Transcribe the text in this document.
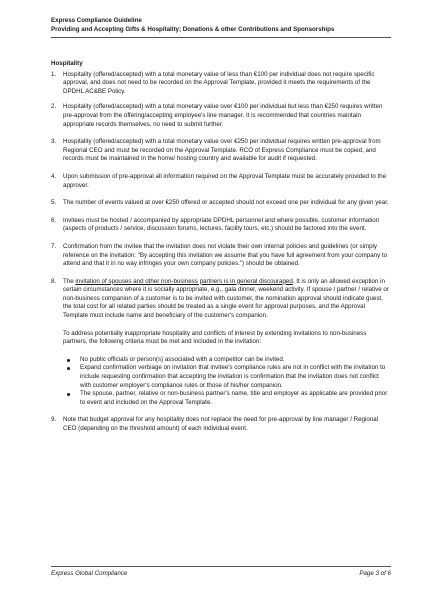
Express Compliance Guideline
Providing and Accepting Gifts & Hospitality; Donations & other Contributions and Sponsorships
Hospitality
1.	Hospitality (offered/accepted) with a total monetary value of less than €100 per individual does not require specific approval, and does not need to be recorded on the Approval Template, provided it meets the requirements of the DPDHL AC&BE Policy.
2.	Hospitality (offered/accepted) with a total monetary value over €100 per individual but less than €250 requires written pre-approval from the offering/accepting employee's line manager. It is recommended that countries maintain appropriate records themselves, no need to submit further.
3.	Hospitality (offered/accepted) with a total monetary value over €250 per individual requires written pre-approval from Regional CEO and must be recorded on the Approval Template. RCO of Express Compliance must be copied, and records must be maintained in the home/ hosting country and available for audit if requested.
4.	Upon submission of pre-approval all information required on the Approval Template must be accurately provided to the approver.
5.	The number of events valued at over €250 offered or accepted should not exceed one per individual for any given year.
6.	Invitees must be hosted / accompanied by appropriate DPDHL personnel and where possible, customer information (aspects of products / service, discussion forums, lectures, facility tours, etc.) should be factored into the event.
7.	Confirmation from the invitee that the invitation does not violate their own internal policies and guidelines (or simply reference on the invitation: "By accepting this invitation we assume that you have full agreement from your company to attend and that it in no way infringes your own company policies.") should be obtained.
8.	The invitation of spouses and other non-business partners is in general discouraged. It is only an allowed exception in certain circumstances where it is socially appropriate, e.g., gala dinner, weekend activity. If spouse / partner / relative or non-business companion of a customer is to be invited with customer, the nomination approval should indicate guest, the total cost for all related parties should be treated as a single event for approval purposes, and the Approval Template must include name and beneficiary of the customer's companion.
To address potentially inappropriate hospitality and conflicts of interest by extending invitations to non-business partners, the following criteria must be met and included in the invitation:
No public officials or person(s) associated with a competitor can be invited.
Expand confirmation verbiage on invitation that invitee's compliance rules are not in conflict with the invitation to include requesting confirmation that accepting the invitation is confirmation that the invitation does not conflict with customer employer's compliance rules or those of his/her companion.
The spouse, partner, relative or non-business partner's name, title and employer as applicable are provided prior to event and included on the Approval Template.
9.	Note that budget approval for any hospitality does not replace the need for pre-approval by line manager / Regional CEO (depending on the threshold amount) of each individual event.
Express Global Compliance	Page 3 of 6
